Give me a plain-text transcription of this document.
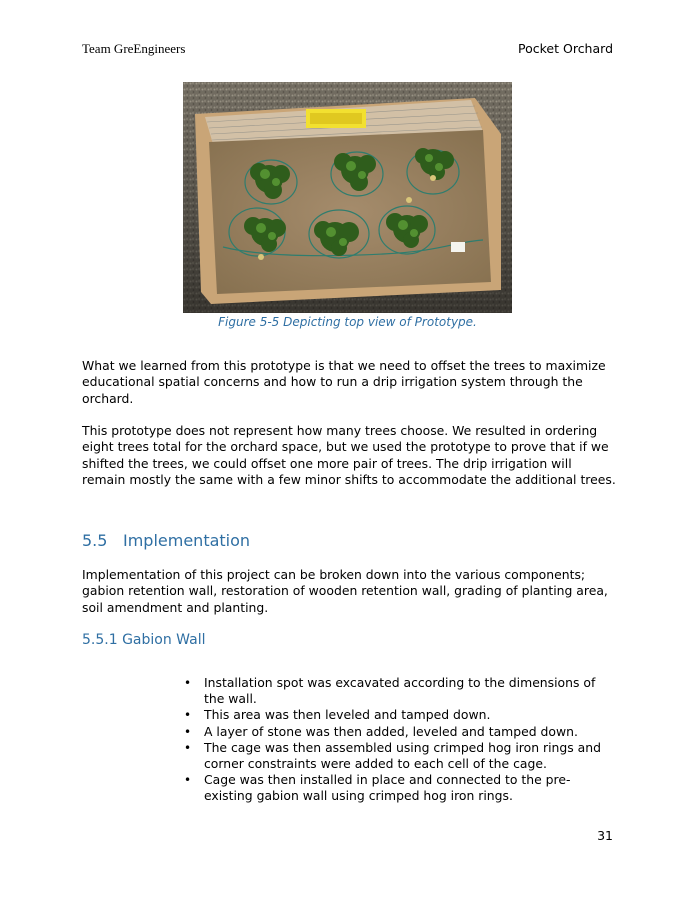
Team GreEngineers	Pocket Orchard
Figure 5-5 Depicting top view of Prototype.

What we learned from this prototype is that we need to offset the trees to maximize educational spatial concerns and how to run a drip irrigation system through the orchard.

This prototype does not represent how many trees choose. We resulted in ordering eight trees total for the orchard space, but we used the prototype to prove that if we shifted the trees, we could offset one more pair of trees. The drip irrigation will remain mostly the same with a few minor shifts to accommodate the additional trees.

5.5 Implementation

Implementation of this project can be broken down into the various components; gabion retention wall, restoration of wooden retention wall, grading of planting area, soil amendment and planting.

5.5.1 Gabion Wall
• Installation spot was excavated according to the dimensions of the wall.
• This area was then leveled and tamped down.
• A layer of stone was then added, leveled and tamped down.
• The cage was then assembled using crimped hog iron rings and corner constraints were added to each cell of the cage.
• Cage was then installed in place and connected to the pre-existing gabion wall using crimped hog iron rings.
31
